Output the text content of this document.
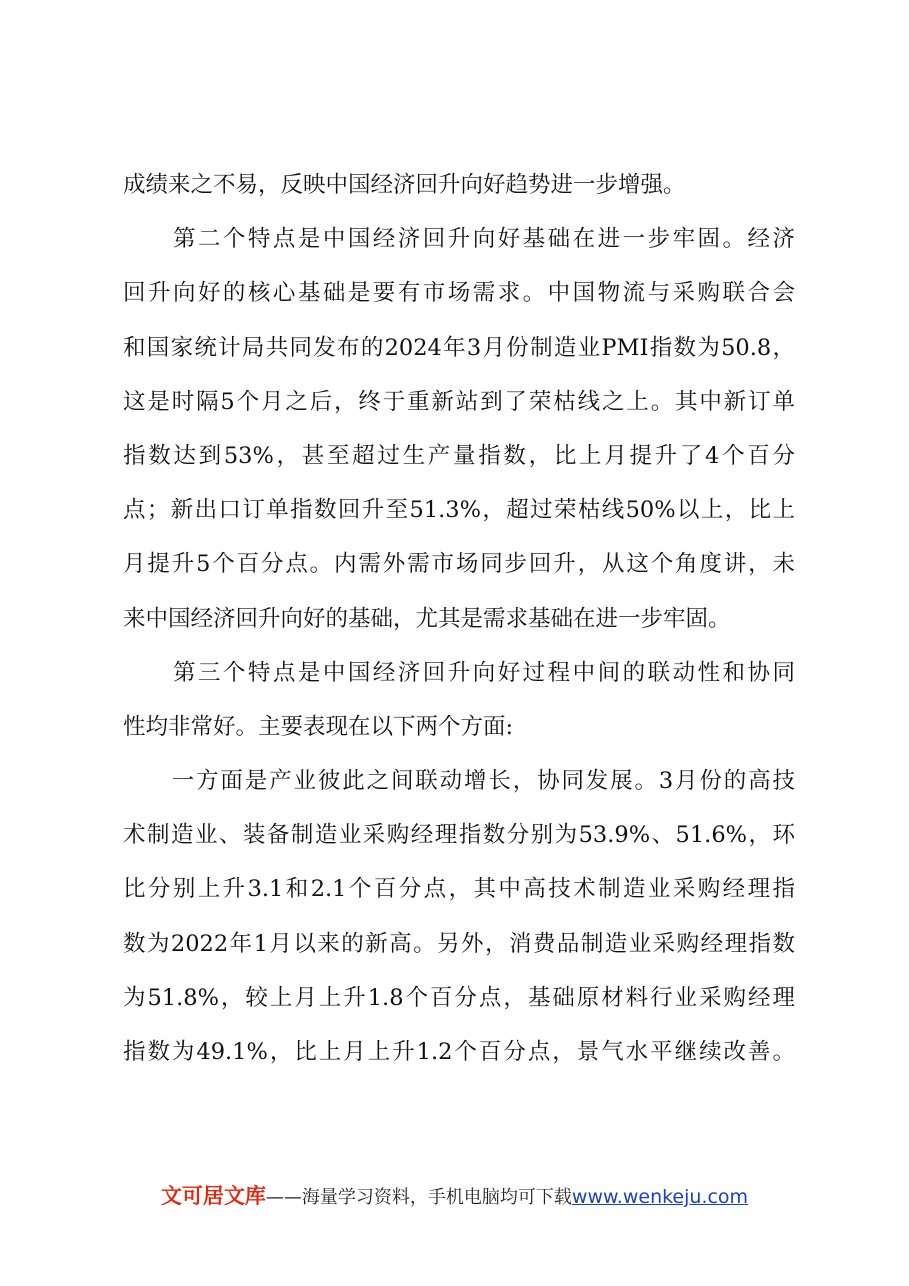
成绩来之不易，反映中国经济回升向好趋势进一步增强。
　　第二个特点是中国经济回升向好基础在进一步牢固。经济
回升向好的核心基础是要有市场需求。中国物流与采购联合会
和国家统计局共同发布的2024年3月份制造业PMI指数为50.8，
这是时隔5个月之后，终于重新站到了荣枯线之上。其中新订单
指数达到53%，甚至超过生产量指数，比上月提升了4个百分
点；新出口订单指数回升至51.3%，超过荣枯线50%以上，比上
月提升5个百分点。内需外需市场同步回升，从这个角度讲，未
来中国经济回升向好的基础，尤其是需求基础在进一步牢固。
　　第三个特点是中国经济回升向好过程中间的联动性和协同
性均非常好。主要表现在以下两个方面:
　　一方面是产业彼此之间联动增长，协同发展。3月份的高技
术制造业、装备制造业采购经理指数分别为53.9%、51.6%，环
比分别上升3.1和2.1个百分点，其中高技术制造业采购经理指
数为2022年1月以来的新高。另外，消费品制造业采购经理指数
为51.8%，较上月上升1.8个百分点，基础原材料行业采购经理
指数为49.1%，比上月上升1.2个百分点，景气水平继续改善。
文可居文库——海量学习资料，手机电脑均可下载www.wenkeju.com
